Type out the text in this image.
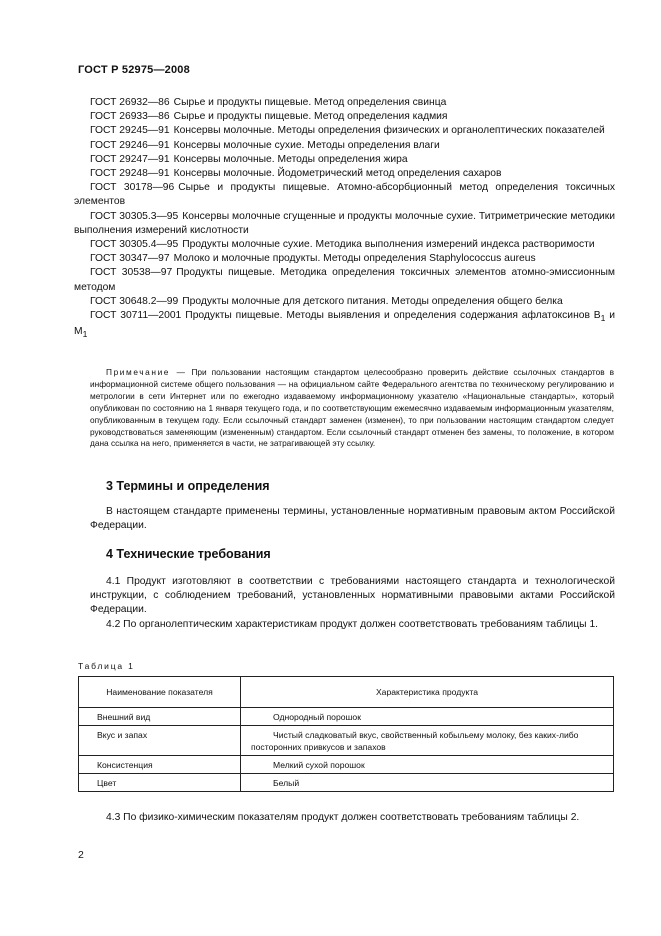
ГОСТ Р 52975—2008

ГОСТ 26932—86 Сырье и продукты пищевые. Метод определения свинца

ГОСТ 26933—86 Сырье и продукты пищевые. Метод определения кадмия

ГОСТ 29245—91 Консервы молочные. Методы определения физических и органолептических показателей

ГОСТ 29246—91 Консервы молочные сухие. Методы определения влаги

ГОСТ 29247—91 Консервы молочные. Методы определения жира

ГОСТ 29248—91 Консервы молочные. Йодометрический метод определения сахаров

ГОСТ 30178—96 Сырье и продукты пищевые. Атомно-абсорбционный метод определения токсичных элементов

ГОСТ 30305.3—95 Консервы молочные сгущенные и продукты молочные сухие. Титриметрические методики выполнения измерений кислотности

ГОСТ 30305.4—95 Продукты молочные сухие. Методика выполнения измерений индекса растворимости

ГОСТ 30347—97 Молоко и молочные продукты. Методы определения Staphylococcus aureus

ГОСТ 30538—97 Продукты пищевые. Методика определения токсичных элементов атомно-эмиссионным методом

ГОСТ 30648.2—99 Продукты молочные для детского питания. Методы определения общего белка

ГОСТ 30711—2001 Продукты пищевые. Методы выявления и определения содержания афлатоксинов $B_1$ и $M_1$

Примечание — При пользовании настоящим стандартом целесообразно проверить действие ссылочных стандартов в информационной системе общего пользования — на официальном сайте Федерального агентства по техническому регулированию и метрологии в сети Интернет или по ежегодно издаваемому информационному указателю «Национальные стандарты», который опубликован по состоянию на 1 января текущего года, и по соответствующим ежемесячно издаваемым информационным указателям, опубликованным в текущем году. Если ссылочный стандарт заменен (изменен), то при пользовании настоящим стандартом следует руководствоваться заменяющим (измененным) стандартом. Если ссылочный стандарт отменен без замены, то положение, в котором дана ссылка на него, применяется в части, не затрагивающей эту ссылку.

3 Термины и определения

В настоящем стандарте применены термины, установленные нормативным правовым актом Российской Федерации.

4 Технические требования

4.1 Продукт изготовляют в соответствии с требованиями настоящего стандарта и технологической инструкции, с соблюдением требований, установленных нормативными правовыми актами Российской Федерации.

4.2 По органолептическим характеристикам продукт должен соответствовать требованиям таблицы 1.

Таблица 1
Наименование показателя	Характеристика продукта
Внешний вид	Однородный порошок
Вкус и запах	Чистый сладковатый вкус, свойственный кобыльему молоку, без каких-либо посторонних привкусов и запахов
Консистенция	Мелкий сухой порошок
Цвет	Белый

4.3 По физико-химическим показателям продукт должен соответствовать требованиям таблицы 2.

2
